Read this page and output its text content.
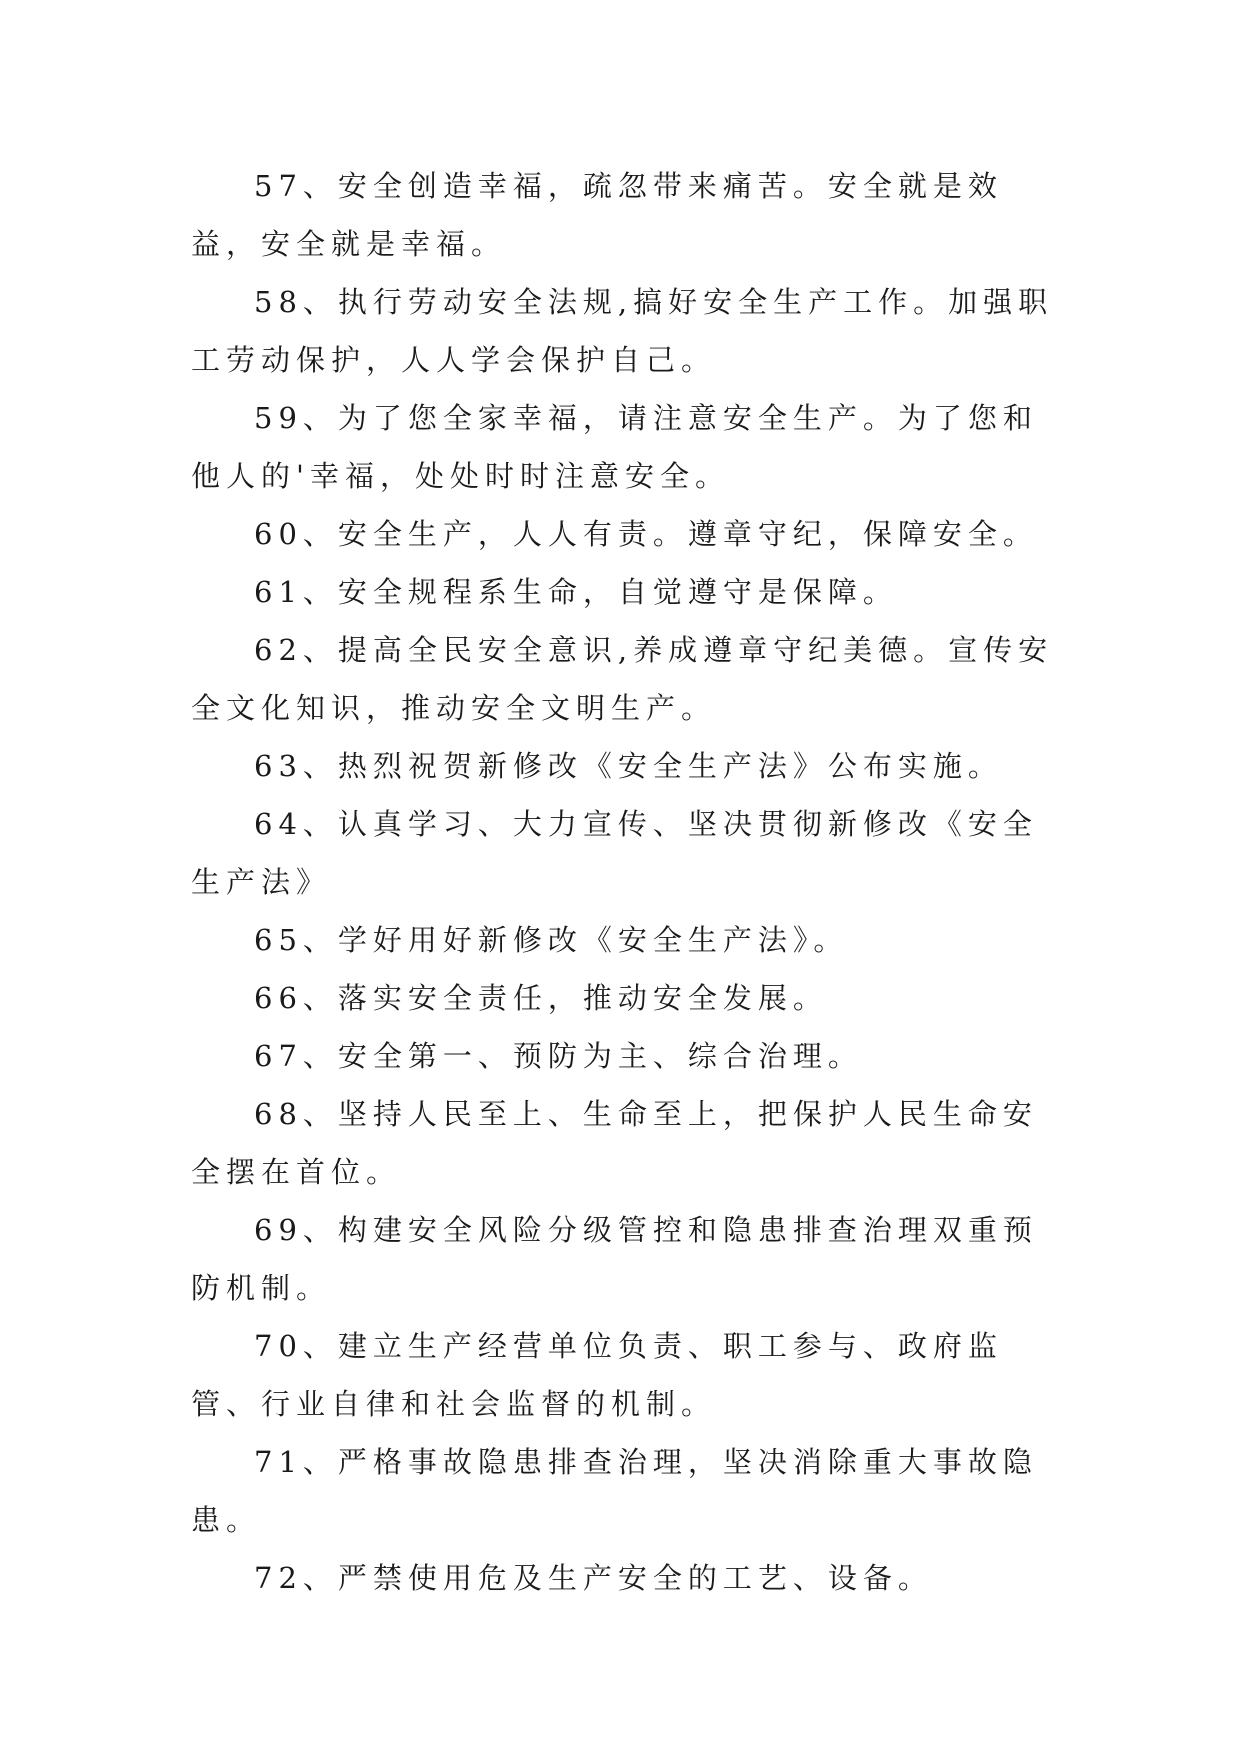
57、安全创造幸福，疏忽带来痛苦。安全就是效益，安全就是幸福。

58、执行劳动安全法规,搞好安全生产工作。加强职工劳动保护，人人学会保护自己。

59、为了您全家幸福，请注意安全生产。为了您和他人的'幸福，处处时时注意安全。

60、安全生产，人人有责。遵章守纪，保障安全。

61、安全规程系生命，自觉遵守是保障。

62、提高全民安全意识,养成遵章守纪美德。宣传安全文化知识，推动安全文明生产。

63、热烈祝贺新修改《安全生产法》公布实施。

64、认真学习、大力宣传、坚决贯彻新修改《安全生产法》

65、学好用好新修改《安全生产法》。

66、落实安全责任，推动安全发展。

67、安全第一、预防为主、综合治理。

68、坚持人民至上、生命至上，把保护人民生命安全摆在首位。

69、构建安全风险分级管控和隐患排查治理双重预防机制。

70、建立生产经营单位负责、职工参与、政府监管、行业自律和社会监督的机制。

71、严格事故隐患排查治理，坚决消除重大事故隐患。

72、严禁使用危及生产安全的工艺、设备。
